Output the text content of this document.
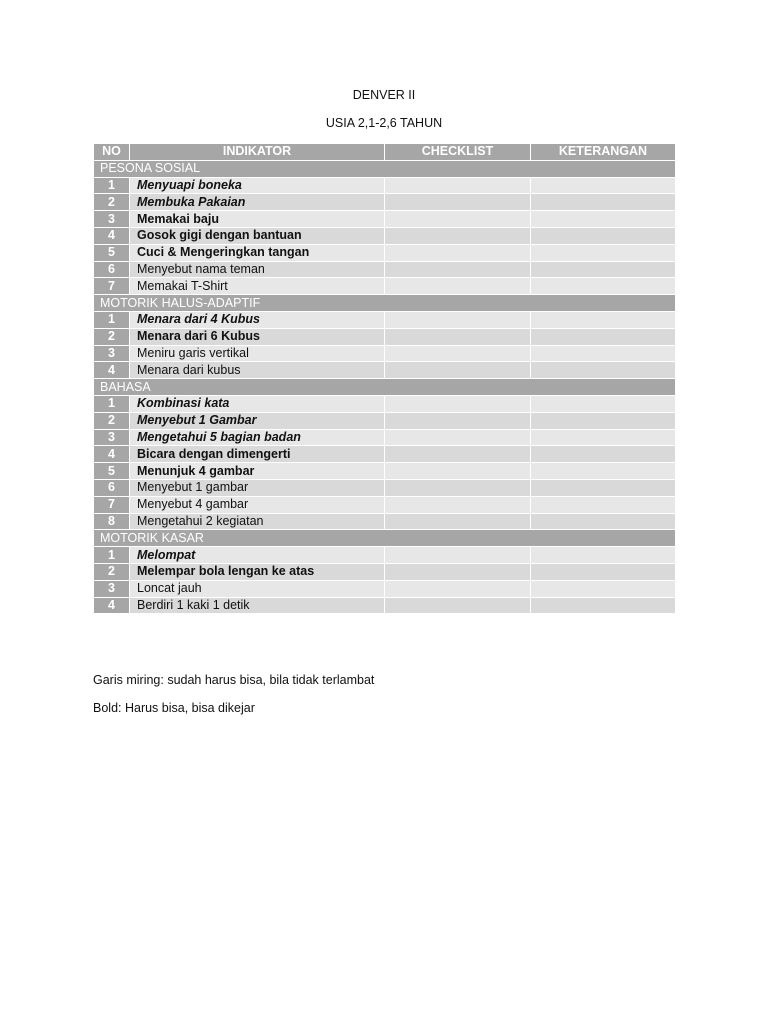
DENVER II
USIA 2,1-2,6 TAHUN
NO	INDIKATOR	CHECKLIST	KETERANGAN
PESONA SOSIAL			
1	Menyuapi boneka		
2	Membuka Pakaian		
3	Memakai baju		
4	Gosok gigi dengan bantuan		
5	Cuci & Mengeringkan tangan		
6	Menyebut nama teman		
7	Memakai T-Shirt		
MOTORIK HALUS-ADAPTIF			
1	Menara dari 4 Kubus		
2	Menara dari 6 Kubus		
3	Meniru garis vertikal		
4	Menara dari kubus		
BAHASA			
1	Kombinasi kata		
2	Menyebut 1 Gambar		
3	Mengetahui 5 bagian badan		
4	Bicara dengan dimengerti		
5	Menunjuk 4 gambar		
6	Menyebut 1 gambar		
7	Menyebut 4 gambar		
8	Mengetahui 2 kegiatan		
MOTORIK KASAR			
1	Melompat		
2	Melempar bola lengan ke atas		
3	Loncat jauh		
4	Berdiri 1 kaki 1 detik		
Garis miring: sudah harus bisa, bila tidak terlambat
Bold: Harus bisa, bisa dikejar
